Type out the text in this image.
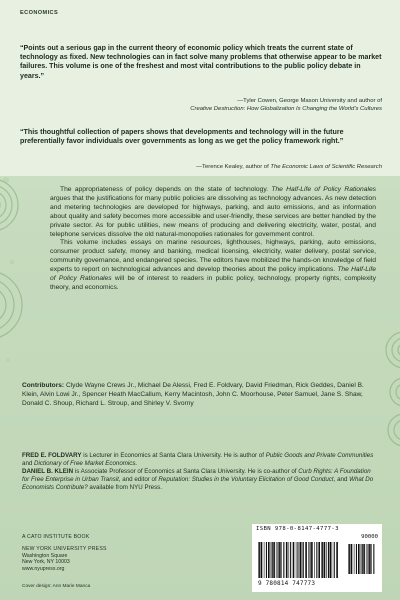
ECONOMICS
“Points out a serious gap in the current theory of economic policy which treats the current state of technology as fixed. New technologies can in fact solve many problems that otherwise appear to be market failures. This volume is one of the freshest and most vital contributions to the public policy debate in years.”
—Tyler Cowen, George Mason University and author of
Creative Destruction: How Globalization Is Changing the World’s Cultures
“This thoughtful collection of papers shows that developments and technology will in the future preferentially favor individuals over governments as long as we get the policy framework right.”
—Terence Kealey, author of The Economic Laws of Scientific Research

The appropriateness of policy depends on the state of technology. The Half-Life of Policy Rationales argues that the justifications for many public policies are dissolving as technology advances. As new detection and metering technologies are developed for highways, parking, and auto emissions, and as information about quality and safety becomes more accessible and user-friendly, these services are better handled by the private sector. As for public utilities, new means of producing and delivering electricity, water, postal, and telephone services dissolve the old natural-monopolies rationales for government control.

This volume includes essays on marine resources, lighthouses, highways, parking, auto emissions, consumer product safety, money and banking, medical licensing, electricity, water delivery, postal service, community governance, and endangered species. The editors have mobilized the hands-on knowledge of field experts to report on technological advances and develop theories about the policy implications. The Half-Life of Policy Rationales will be of interest to readers in public policy, technology, property rights, complexity theory, and economics.

Contributors: Clyde Wayne Crews Jr., Michael De Alessi, Fred E. Foldvary, David Friedman, Rick Geddes, Daniel B. Klein, Alvin Lowi Jr., Spencer Heath MacCallum, Kerry Macintosh, John C. Moorhouse, Peter Samuel, Jane S. Shaw, Donald C. Shoup, Richard L. Stroup, and Shirley V. Svorny
FRED E. FOLDVARY is Lecturer in Economics at Santa Clara University. He is author of Public Goods and Private Communities and Dictionary of Free Market Economics.
DANIEL B. KLEIN is Associate Professor of Economics at Santa Clara University. He is co-author of Curb Rights: A Foundation for Free Enterprise in Urban Transit, and editor of Reputation: Studies in the Voluntary Elicitation of Good Conduct, and What Do Economists Contribute? available from NYU Press.
A CATO INSTITUTE BOOK
NEW YORK UNIVERSITY PRESS
Washington Square
New York, NY 10003
www.nyupress.org
Cover design: Ann Marie Manca
ISBN 978-0-8147-4777-3
90000
9 780814 747773
